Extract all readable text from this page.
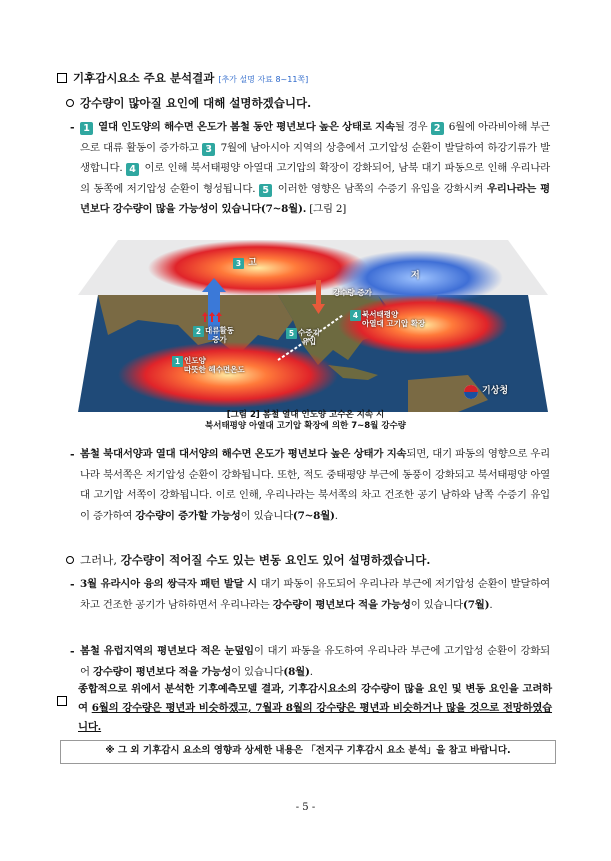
기후감시요소 주요 분석결과 [추가 설명 자료 8~11쪽]
강수량이 많아질 요인에 대해 설명하겠습니다.
- 1 열대 인도양의 해수면 온도가 봄철 동안 평년보다 높은 상태로 지속될 경우 2 6월에 아라비아해 부근으로 대류 활동이 증가하고 3 7월에 남아시아 지역의 상층에서 고기압성 순환이 발달하여 하강기류가 발생합니다. 4 이로 인해 북서태평양 아열대 고기압의 확장이 강화되어, 남북 대기 파동으로 인해 우리나라의 동쪽에 저기압성 순환이 형성됩니다. 5 이러한 영향은 남쪽의 수증기 유입을 강화시켜 우리나라는 평년보다 강수량이 많을 가능성이 있습니다(7~8월). [그림 2]
3 고
저
강수량 증가
4 북서태평양
아열대 고기압 확장
2 대류활동
증가
5 수증기
유입
1 인도양
따뜻한 해수면온도
기상청
[그림 2] 봄철 열대 인도양 고수온 지속 시
북서태평양 아열대 고기압 확장에 의한 7~8월 강수량
- 봄철 북대서양과 열대 대서양의 해수면 온도가 평년보다 높은 상태가 지속되면, 대기 파동의 영향으로 우리나라 북서쪽은 저기압성 순환이 강화됩니다. 또한, 적도 중태평양 부근에 동풍이 강화되고 북서태평양 아열대 고기압 서쪽이 강화됩니다. 이로 인해, 우리나라는 북서쪽의 차고 건조한 공기 남하와 남쪽 수증기 유입이 증가하여 강수량이 증가할 가능성이 있습니다(7~8월).
그러나, 강수량이 적어질 수도 있는 변동 요인도 있어 설명하겠습니다.
- 3월 유라시아 융의 쌍극자 패턴 발달 시 대기 파동이 유도되어 우리나라 부근에 저기압성 순환이 발달하여 차고 건조한 공기가 남하하면서 우리나라는 강수량이 평년보다 적을 가능성이 있습니다(7월).
- 봄철 유럽지역의 평년보다 적은 눈덮임이 대기 파동을 유도하여 우리나라 부근에 고기압성 순환이 강화되어 강수량이 평년보다 적을 가능성이 있습니다(8월).
종합적으로 위에서 분석한 기후예측모델 결과, 기후감시요소의 강수량이 많을 요인 및 변동 요인을 고려하여 6월의 강수량은 평년과 비슷하겠고, 7월과 8월의 강수량은 평년과 비슷하거나 많을 것으로 전망하였습니다.
※ 그 외 기후감시 요소의 영향과 상세한 내용은 「전지구 기후감시 요소 분석」을 참고 바랍니다.
- 5 -
